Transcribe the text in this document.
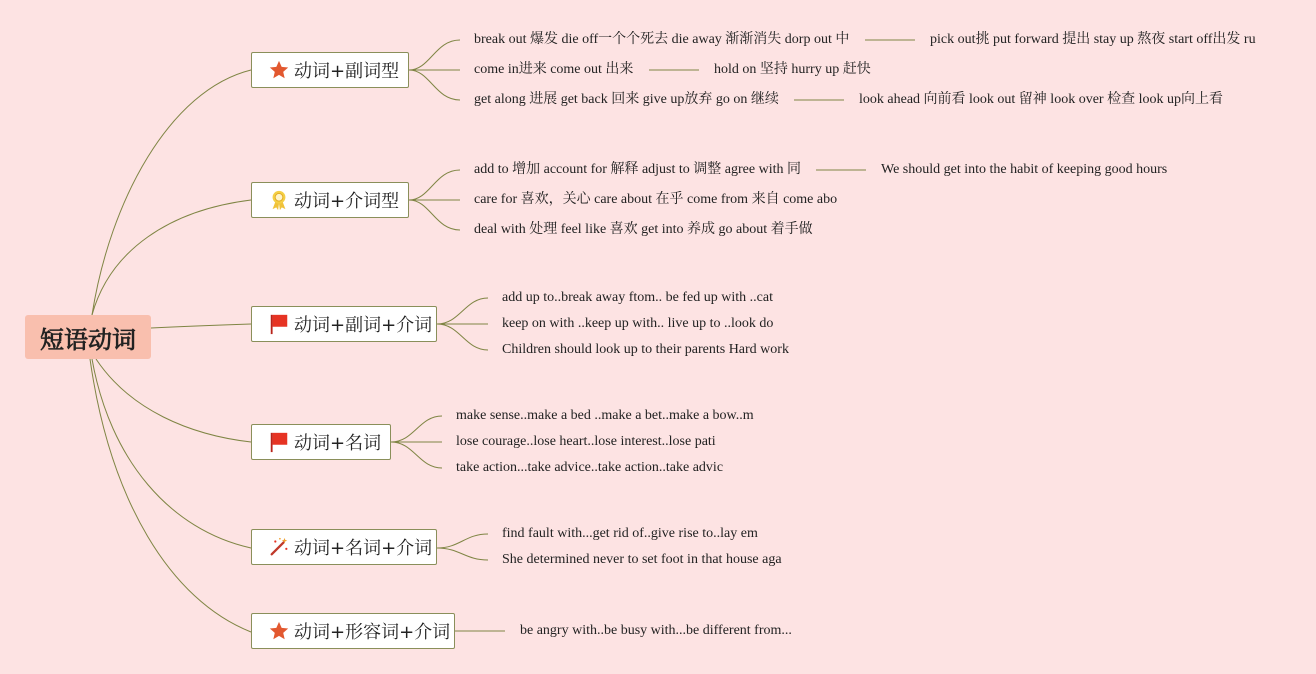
短语动词
动词+副词型
break out 爆发 die off一个个死去 die away 渐渐消失 dorp out 中	pick out挑 put forward 提出 stay up 熬夜 start off出发 ru
come in进来 come out 出来	hold on 坚持 hurry up 赶快
get along 进展 get back 回来 give up放弃 go on 继续	look ahead 向前看 look out 留神 look over 检查 look up向上看
动词+介词型
add to 增加 account for 解释 adjust to 调整 agree with 同	We should get into the habit of keeping good hours
care for 喜欢，关心 care about 在乎 come from 来自 come abo
deal with 处理 feel like 喜欢 get into 养成 go about 着手做
动词+副词+介词
add up to..break away ftom.. be fed up with ..cat
keep on with ..keep up with.. live up to ..look do
Children should look up to their parents Hard work
动词+名词
make sense..make a bed ..make a bet..make a bow..m
lose courage..lose heart..lose interest..lose pati
take action...take advice..take action..take advic
动词+名词+介词
find fault with...get rid of..give rise to..lay em
She determined never to set foot in that house aga
动词+形容词+介词	be angry with..be busy with...be different from...
